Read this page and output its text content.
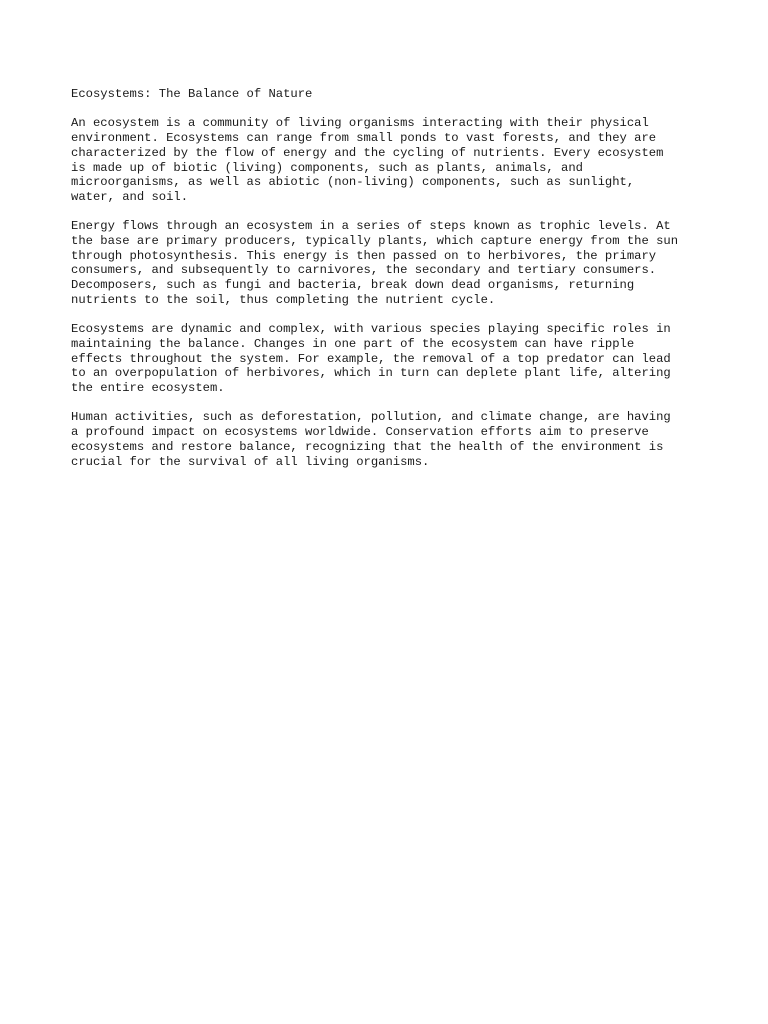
Ecosystems: The Balance of Nature
An ecosystem is a community of living organisms interacting with their physical
environment. Ecosystems can range from small ponds to vast forests, and they are
characterized by the flow of energy and the cycling of nutrients. Every ecosystem
is made up of biotic (living) components, such as plants, animals, and
microorganisms, as well as abiotic (non-living) components, such as sunlight,
water, and soil.
Energy flows through an ecosystem in a series of steps known as trophic levels. At
the base are primary producers, typically plants, which capture energy from the sun
through photosynthesis. This energy is then passed on to herbivores, the primary
consumers, and subsequently to carnivores, the secondary and tertiary consumers.
Decomposers, such as fungi and bacteria, break down dead organisms, returning
nutrients to the soil, thus completing the nutrient cycle.
Ecosystems are dynamic and complex, with various species playing specific roles in
maintaining the balance. Changes in one part of the ecosystem can have ripple
effects throughout the system. For example, the removal of a top predator can lead
to an overpopulation of herbivores, which in turn can deplete plant life, altering
the entire ecosystem.
Human activities, such as deforestation, pollution, and climate change, are having
a profound impact on ecosystems worldwide. Conservation efforts aim to preserve
ecosystems and restore balance, recognizing that the health of the environment is
crucial for the survival of all living organisms.
